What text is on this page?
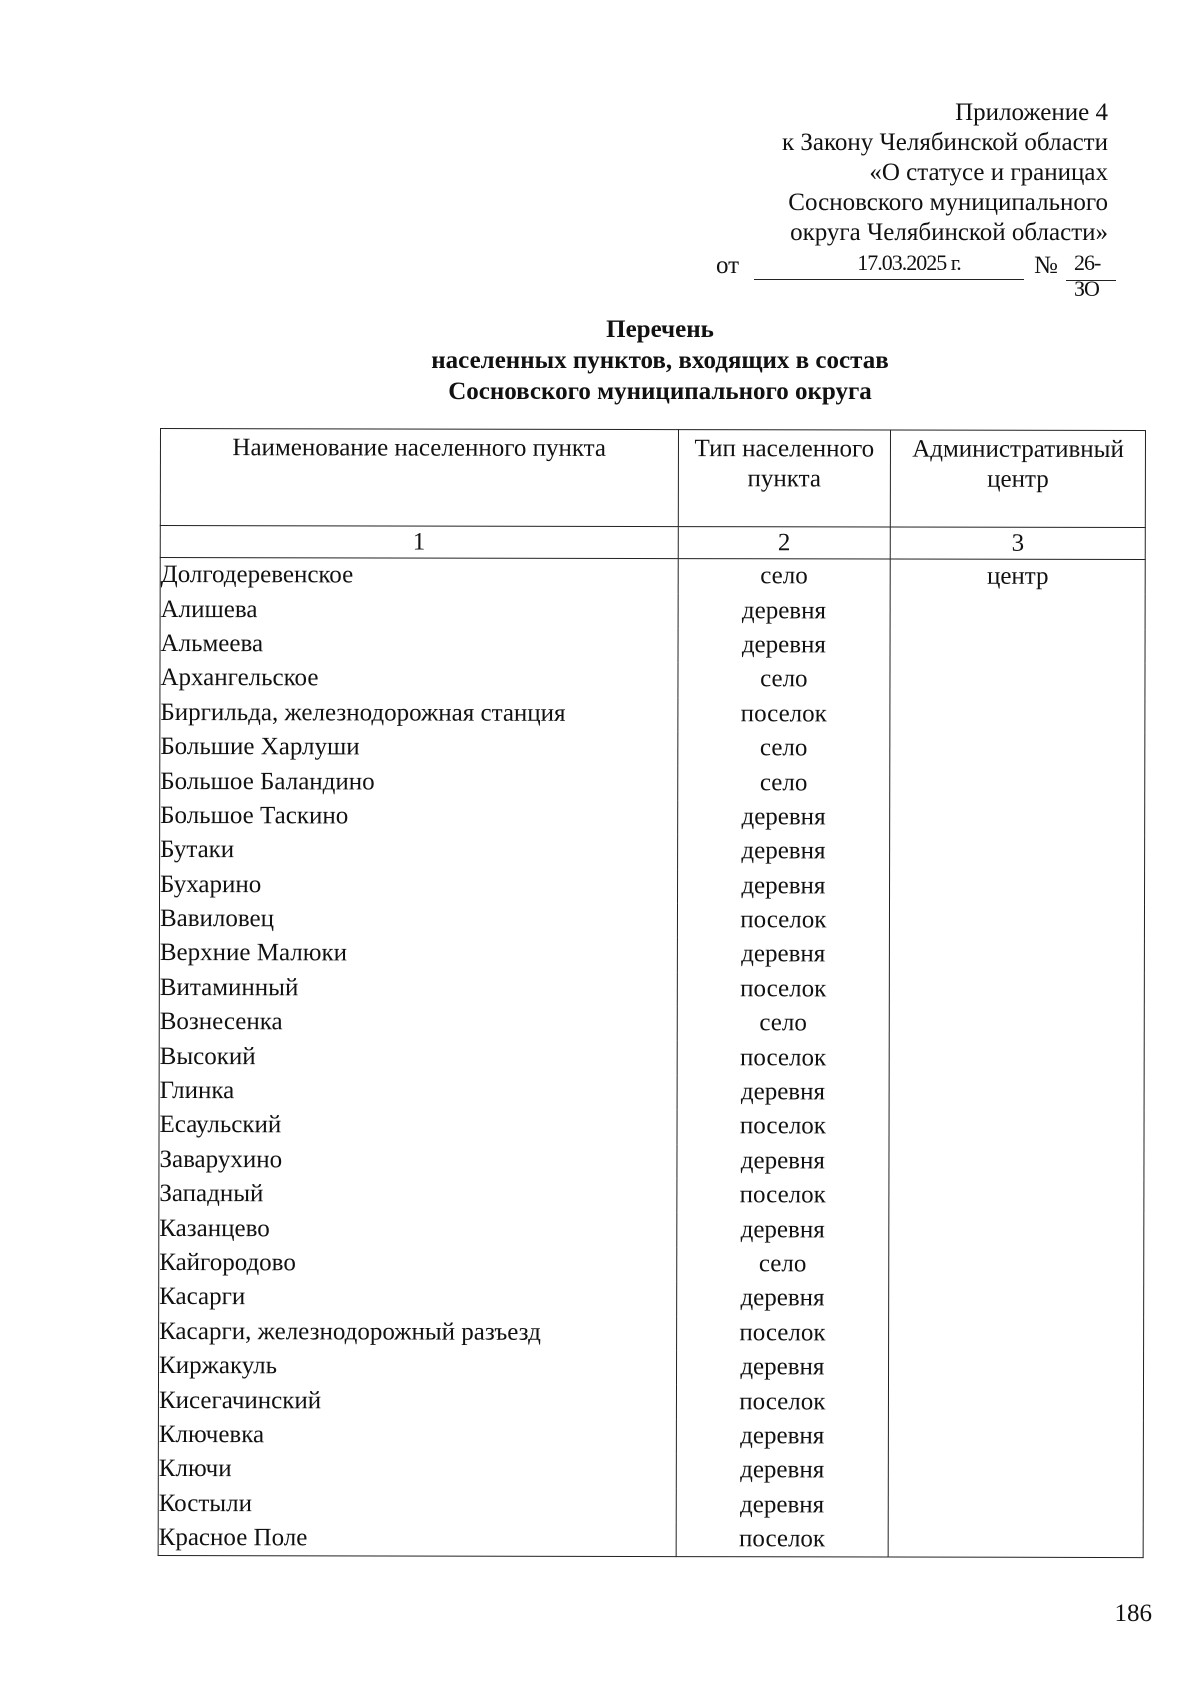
Приложение 4
к Закону Челябинской области
«О статусе и границах
Сосновского муниципального
округа Челябинской области»
от	17.03.2025 г.	№ 26-ЗО
Перечень
населенных пунктов, входящих в состав
Сосновского муниципального округа
Наименование населенного пункта	Тип населенного пункта	Административный центр
1	2	3
Долгодеревенское	село	центр
Алишева	деревня	
Альмеева	деревня	
Архангельское	село	
Биргильда, железнодорожная станция	поселок	
Большие Харлуши	село	
Большое Баландино	село	
Большое Таскино	деревня	
Бутаки	деревня	
Бухарино	деревня	
Вавиловец	поселок	
Верхние Малюки	деревня	
Витаминный	поселок	
Вознесенка	село	
Высокий	поселок	
Глинка	деревня	
Есаульский	поселок	
Заварухино	деревня	
Западный	поселок	
Казанцево	деревня	
Кайгородово	село	
Касарги	деревня	
Касарги, железнодорожный разъезд	поселок	
Киржакуль	деревня	
Кисегачинский	поселок	
Ключевка	деревня	
Ключи	деревня	
Костыли	деревня	
Красное Поле	поселок	
186
